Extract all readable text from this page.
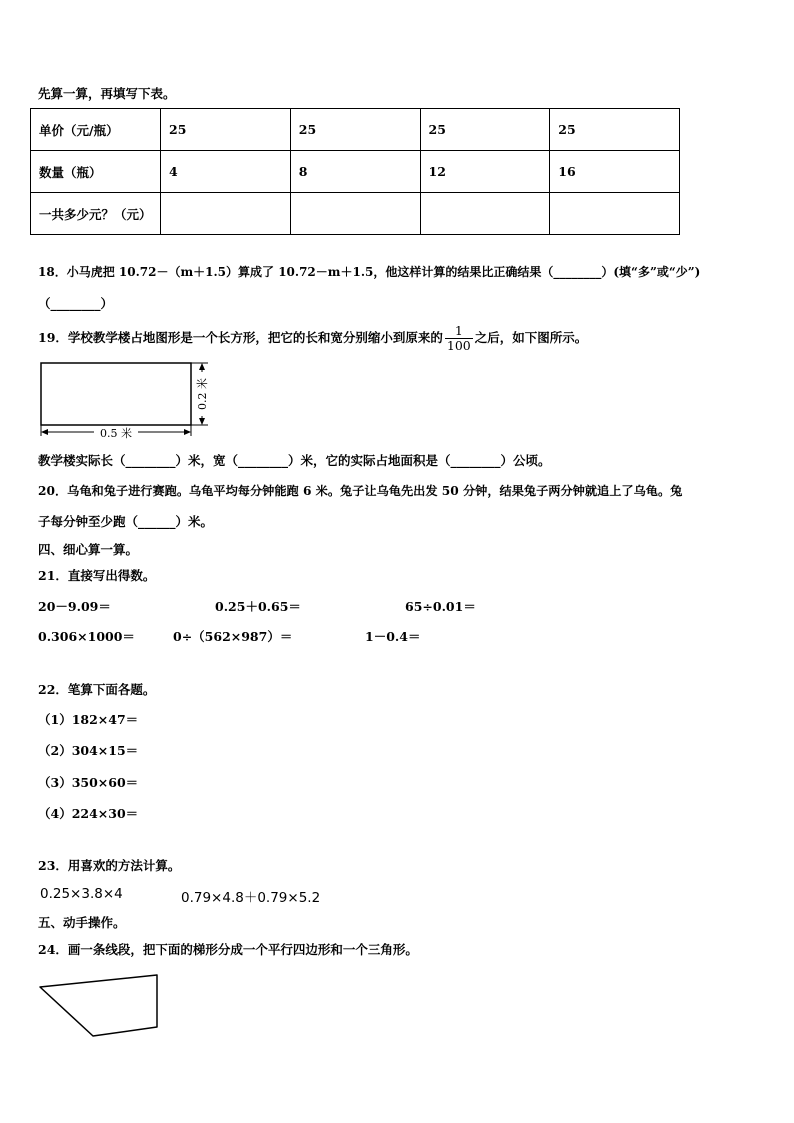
先算一算，再填写下表。
单价（元/瓶）	25	25	25	25
数量（瓶）	4	8	12	16
一共多少元？（元）				
18．小马虎把 10.72－（m＋1.5）算成了 10.72－m＋1.5，他这样计算的结果比正确结果（________）(填“多”或“少”)
（________）
19．学校教学楼占地图形是一个长方形，把它的长和宽分别缩小到原来的 $\frac{1}{100}$ 之后，如下图所示。
0.5 米
0.2 米
教学楼实际长（________）米，宽（________）米，它的实际占地面积是（________）公顷。
20．乌龟和兔子进行赛跑。乌龟平均每分钟能跑 6 米。兔子让乌龟先出发 50 分钟，结果兔子两分钟就追上了乌龟。兔
子每分钟至少跑（______）米。
四、细心算一算。
21．直接写出得数。
20－9.09＝	0.25＋0.65＝	65÷0.01＝
0.306×1000＝	0÷（562×987）＝	1－0.4＝
22．笔算下面各题。
（1）182×47＝
（2）304×15＝
（3）350×60＝
（4）224×30＝
23．用喜欢的方法计算。
0.25×3.8×4	0.79×4.8＋0.79×5.2
五、动手操作。
24．画一条线段，把下面的梯形分成一个平行四边形和一个三角形。
